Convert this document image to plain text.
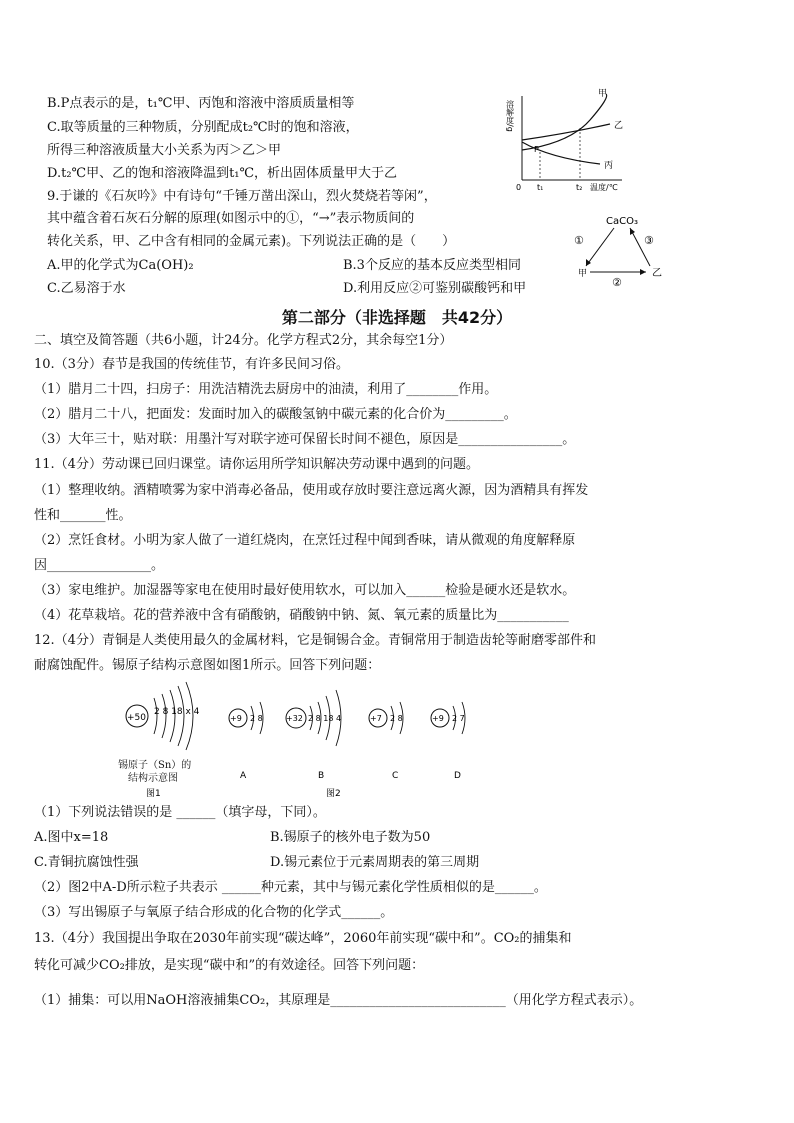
B.P点表示的是，t₁℃甲、丙饱和溶液中溶质质量相等
C.取等质量的三种物质，分别配成t₂℃时的饱和溶液，
所得三种溶液质量大小关系为丙＞乙＞甲
D.t₂℃甲、乙的饱和溶液降温到t₁℃，析出固体质量甲大于乙
9.于谦的《石灰吟》中有诗句“千锤万凿出深山，烈火焚烧若等闲”，
其中蕴含着石灰石分解的原理(如图示中的①，“→”表示物质间的
转化关系，甲、乙中含有相同的金属元素)。下列说法正确的是（　　）
A.甲的化学式为Ca(OH)₂	B.3个反应的基本反应类型相同
C.乙易溶于水	D.利用反应②可鉴别碳酸钙和甲
溶解度/g
甲
乙
丙
P
0 t₁	t₂ 温度/℃
CaCO₃
①	③
②
甲	乙
第二部分（非选择题　共42分）
二、填空及简答题（共6小题，计24分。化学方程式2分，其余每空1分）
10.（3分）春节是我国的传统佳节，有许多民间习俗。
（1）腊月二十四，扫房子：用洗洁精洗去厨房中的油渍，利用了________作用。
（2）腊月二十八，把面发：发面时加入的碳酸氢钠中碳元素的化合价为_________。
（3）大年三十，贴对联：用墨汁写对联字迹可保留长时间不褪色，原因是________________。
11.（4分）劳动课已回归课堂。请你运用所学知识解决劳动课中遇到的问题。
（1）整理收纳。酒精喷雾为家中消毒必备品，使用或存放时要注意远离火源，因为酒精具有挥发
性和_______性。
（2）烹饪食材。小明为家人做了一道红烧肉，在烹饪过程中闻到香味，请从微观的角度解释原
因________________。
（3）家电维护。加湿器等家电在使用时最好使用软水，可以加入______检验是硬水还是软水。
（4）花草栽培。花的营养液中含有硝酸钠，硝酸钠中钠、氮、氧元素的质量比为___________
12.（4分）青铜是人类使用最久的金属材料，它是铜锡合金。青铜常用于制造齿轮等耐磨零部件和
耐腐蚀配件。锡原子结构示意图如图1所示。回答下列问题：
+50
2 8 18 x 4
+9 2 8
A
+32 2 8 18 4
B
+7 2 8
C
+9 2 7
D
图1	图2
锡原子（Sn）的
结构示意图
（1）下列说法错误的是 ______（填字母，下同）。
A.图中x=18	B.锡原子的核外电子数为50
C.青铜抗腐蚀性强	D.锡元素位于元素周期表的第三周期
（2）图2中A-D所示粒子共表示 ______种元素，其中与锡元素化学性质相似的是______。
（3）写出锡原子与氧原子结合形成的化合物的化学式______。
13.（4分）我国提出争取在2030年前实现“碳达峰”，2060年前实现“碳中和”。CO₂的捕集和
转化可减少CO₂排放，是实现“碳中和”的有效途径。回答下列问题：
（1）捕集：可以用NaOH溶液捕集CO₂，其原理是___________________________（用化学方程式表示）。
